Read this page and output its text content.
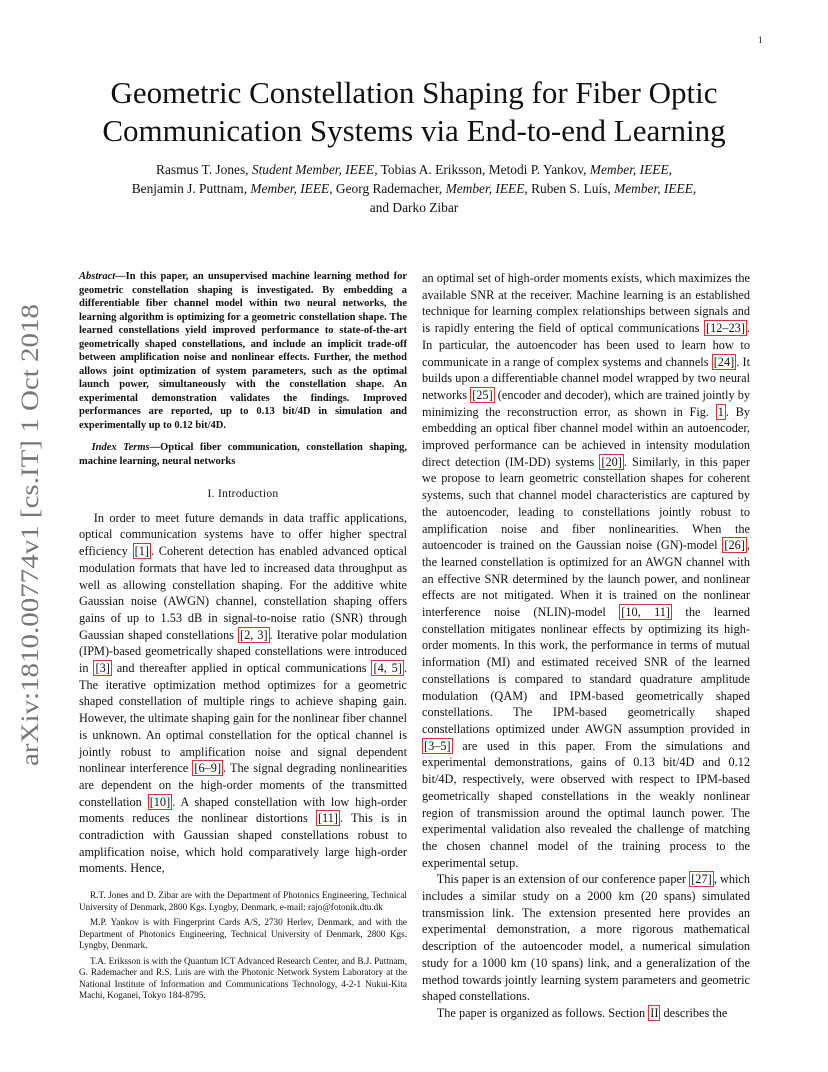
1
arXiv:1810.00774v1 [cs.IT] 1 Oct 2018
Geometric Constellation Shaping for Fiber Optic
Communication Systems via End-to-end Learning
Rasmus T. Jones, Student Member, IEEE, Tobias A. Eriksson, Metodi P. Yankov, Member, IEEE,
Benjamin J. Puttnam, Member, IEEE, Georg Rademacher, Member, IEEE, Ruben S. Luís, Member, IEEE,
and Darko Zibar

Abstract—In this paper, an unsupervised machine learning method for geometric constellation shaping is investigated. By embedding a differentiable fiber channel model within two neural networks, the learning algorithm is optimizing for a geometric constellation shape. The learned constellations yield improved performance to state-of-the-art geometrically shaped constellations, and include an implicit trade-off between amplification noise and nonlinear effects. Further, the method allows joint optimization of system parameters, such as the optimal launch power, simultaneously with the constellation shape. An experimental demonstration validates the findings. Improved performances are reported, up to 0.13 bit/4D in simulation and experimentally up to 0.12 bit/4D.

Index Terms—Optical fiber communication, constellation shaping, machine learning, neural networks

I. Introduction

In order to meet future demands in data traffic applications, optical communication systems have to offer higher spectral efficiency [1] . Coherent detection has enabled advanced optical modulation formats that have led to increased data throughput as well as allowing constellation shaping. For the additive white Gaussian noise (AWGN) channel, constellation shaping offers gains of up to 1.53 dB in signal-to-noise ratio (SNR) through Gaussian shaped constellations [2, 3] . Iterative polar modulation (IPM)-based geometrically shaped constellations were introduced in [3] and thereafter applied in optical communications [4, 5] . The iterative optimization method optimizes for a geometric shaped constellation of multiple rings to achieve shaping gain. However, the ultimate shaping gain for the nonlinear fiber channel is unknown. An optimal constellation for the optical channel is jointly robust to amplification noise and signal dependent nonlinear interference [6–9] . The signal degrading nonlinearities are dependent on the high-order moments of the transmitted constellation [10] . A shaped constellation with low high-order moments reduces the nonlinear distortions [11] . This is in contradiction with Gaussian shaped constellations robust to amplification noise, which hold comparatively large high-order moments. Hence,

R.T. Jones and D. Zibar are with the Department of Photonics Engineering, Technical University of Denmark, 2800 Kgs. Lyngby, Denmark, e-mail: rajo@fotonik.dtu.dk

M.P. Yankov is with Fingerprint Cards A/S, 2730 Herlev, Denmark, and with the Department of Photonics Engineering, Technical University of Denmark, 2800 Kgs. Lyngby, Denmark.

T.A. Eriksson is with the Quantum ICT Advanced Research Center, and B.J. Puttnam, G. Rademacher and R.S. Luís are with the Photonic Network System Laboratory at the National Institute of Information and Communications Technology, 4-2-1 Nukui-Kita Machi, Koganei, Tokyo 184-8795.

an optimal set of high-order moments exists, which maximizes the available SNR at the receiver. Machine learning is an established technique for learning complex relationships between signals and is rapidly entering the field of optical communications [12–23] . In particular, the autoencoder has been used to learn how to communicate in a range of complex systems and channels [24] . It builds upon a differentiable channel model wrapped by two neural networks [25] (encoder and decoder), which are trained jointly by minimizing the reconstruction error, as shown in Fig. 1 . By embedding an optical fiber channel model within an autoencoder, improved performance can be achieved in intensity modulation direct detection (IM-DD) systems [20] . Similarly, in this paper we propose to learn geometric constellation shapes for coherent systems, such that channel model characteristics are captured by the autoencoder, leading to constellations jointly robust to amplification noise and fiber nonlinearities. When the autoencoder is trained on the Gaussian noise (GN)-model [26] , the learned constellation is optimized for an AWGN channel with an effective SNR determined by the launch power, and nonlinear effects are not mitigated. When it is trained on the nonlinear interference noise (NLIN)-model [10, 11] the learned constellation mitigates nonlinear effects by optimizing its high-order moments. In this work, the performance in terms of mutual information (MI) and estimated received SNR of the learned constellations is compared to standard quadrature amplitude modulation (QAM) and IPM-based geometrically shaped constellations. The IPM-based geometrically shaped constellations optimized under AWGN assumption provided in [3–5] are used in this paper. From the simulations and experimental demonstrations, gains of 0.13 bit/4D and 0.12 bit/4D, respectively, were observed with respect to IPM-based geometrically shaped constellations in the weakly nonlinear region of transmission around the optimal launch power. The experimental validation also revealed the challenge of matching the chosen channel model of the training process to the experimental setup.

This paper is an extension of our conference paper [27] , which includes a similar study on a 2000 km (20 spans) simulated transmission link. The extension presented here provides an experimental demonstration, a more rigorous mathematical description of the autoencoder model, a numerical simulation study for a 1000 km (10 spans) link, and a generalization of the method towards jointly learning system parameters and geometric shaped constellations.

The paper is organized as follows. Section II describes the
